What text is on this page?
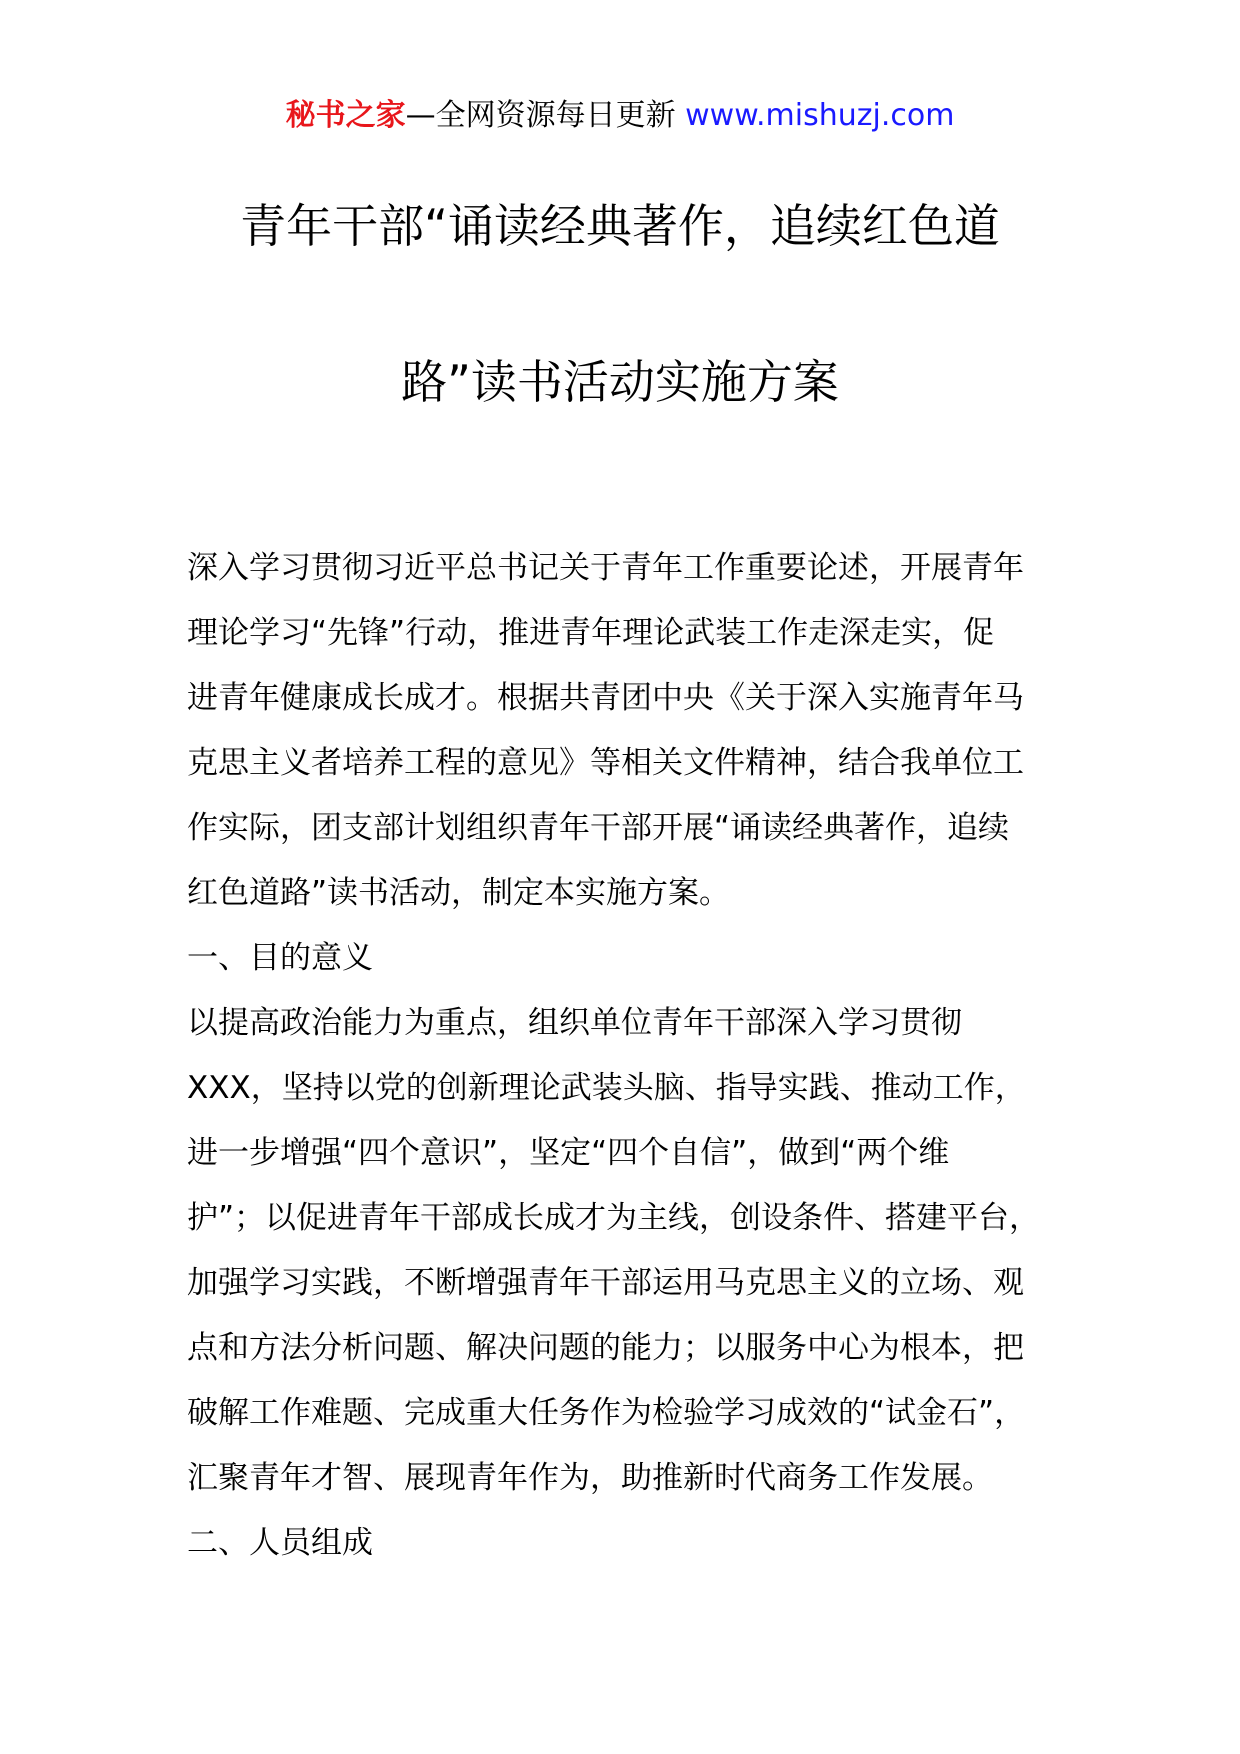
秘书之家—全网资源每日更新 www.mishuzj.com
青年干部“诵读经典著作，追续红色道
路”读书活动实施方案
深入学习贯彻习近平总书记关于青年工作重要论述，开展青年
理论学习“先锋”行动，推进青年理论武装工作走深走实，促
进青年健康成长成才。根据共青团中央《关于深入实施青年马
克思主义者培养工程的意见》等相关文件精神，结合我单位工
作实际，团支部计划组织青年干部开展“诵读经典著作，追续
红色道路”读书活动，制定本实施方案。
一、目的意义
以提高政治能力为重点，组织单位青年干部深入学习贯彻
XXX，坚持以党的创新理论武装头脑、指导实践、推动工作，
进一步增强“四个意识”，坚定“四个自信”，做到“两个维
护”；以促进青年干部成长成才为主线，创设条件、搭建平台，
加强学习实践，不断增强青年干部运用马克思主义的立场、观
点和方法分析问题、解决问题的能力；以服务中心为根本，把
破解工作难题、完成重大任务作为检验学习成效的“试金石”，
汇聚青年才智、展现青年作为，助推新时代商务工作发展。
二、人员组成
